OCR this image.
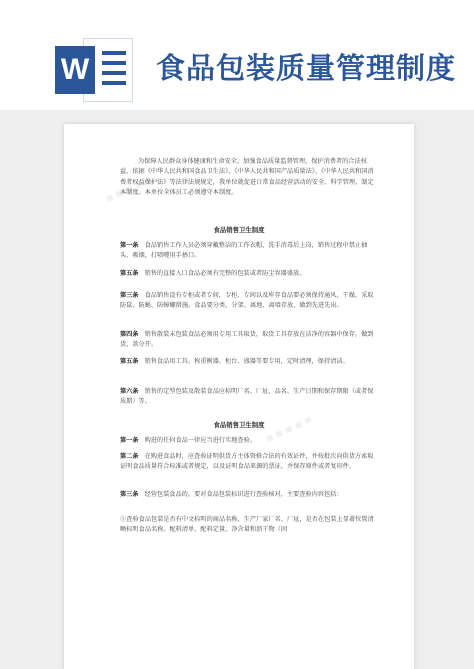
W 食品包装质量管理制度
■ ■ ■ ■ ■
■ ■ ■ ■ ■

为保障人民群众身体健康和生命安全，加强食品质量监督管理，保护消费者的合法权益，依据《中华人民共和国食品卫生法》、《中华人民共和国产品质量法》、《中华人民共和国消费者权益保护法》等法律法规规定，我单位就促进日常食品经营活动的安全、科学管理，制定本制度。本单位全体员工必须遵守本制度。

食品销售卫生制度

第一条 食品销售工作人员必须穿戴整洁的工作衣帽，洗手消毒后上岗，销售过程中禁止抽头、吸烟，打喷嚏用手捂口。

第五条 销售的直接入口食品必须有完整的包装或者防尘容器盛放。

第三条 食品销售设有专柜或者专间，专柜、专间以及库存食品要必须保持通风、干燥，采取防鼠、防蝇、防蟑螺措施。食品要分类、分架、离地、离墙存放，做到先进先出。

第四条 销售散装未包装食品必须用专用工具取货，取货工具存放在洁净的容器中保存，做到货、款分开。

第五条 销售食品用工具、称重衡器、柜台、盛器等要专用，定时清理，保持清洁。

第六条 销售的定型包装及散装食品应标明厂名、厂址、品名、生产日期和保存期限（或者保质期）等。

食品销售卫生制度

第一条 购进的任何食品一律应当进行实地查验。

第二条 在购进食品时，应查验证明供货方主体资格合法的有效证件，并按批次向供货方索取证明食品质量符合标准或者规定，以及证明食品来源的票证，并保存原件或者复印件。

第三条 经营包装食品的，要对食品包装标识进行查验核对，主要查验内容包括：

①查验食品包装是否有中文标明的商品名称、生产厂家厂名、厂址，是否在包装上显著位置清晰标明食品名称、配料清单、配料定量、净含量和沥干物（固
